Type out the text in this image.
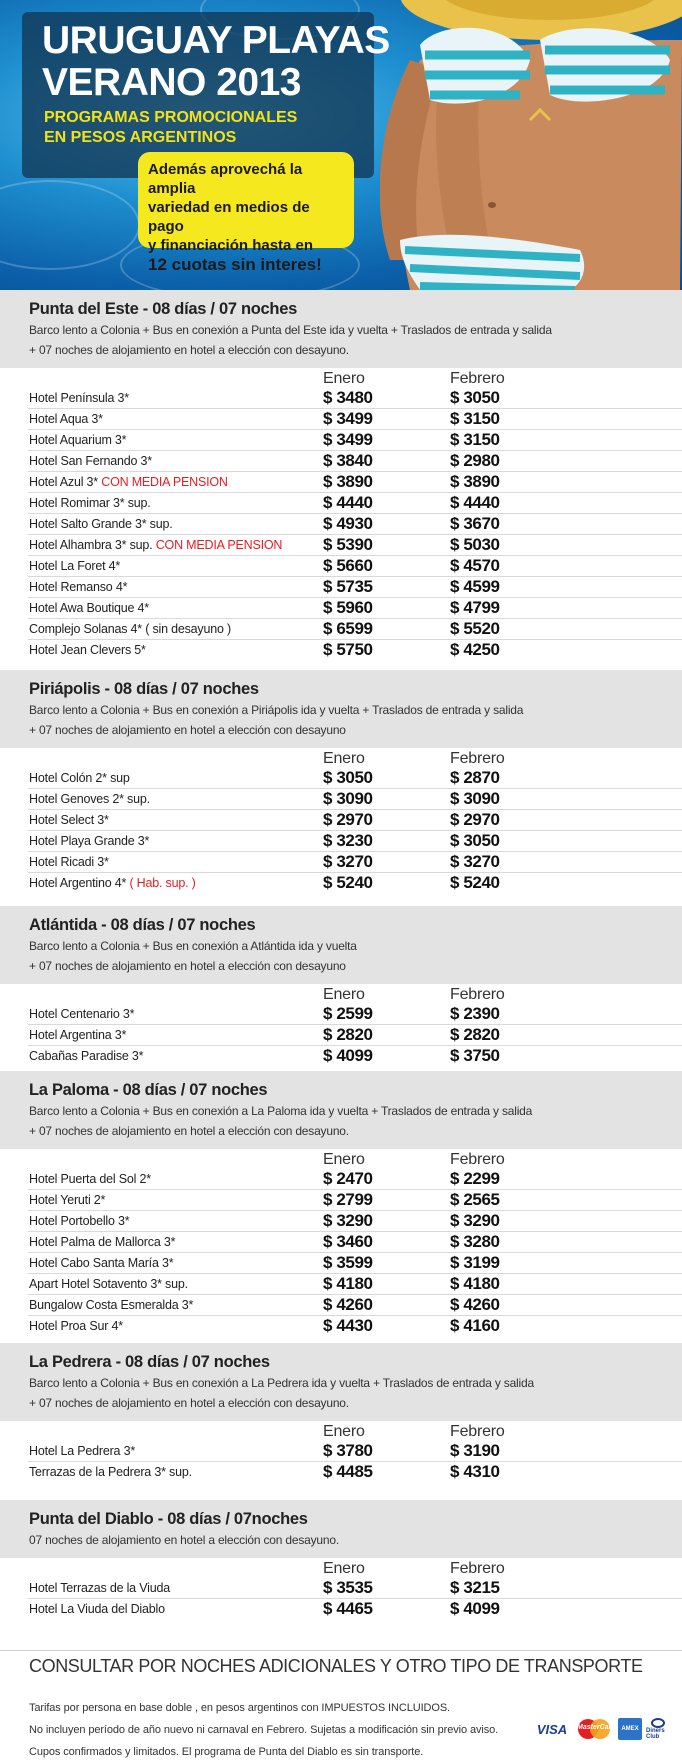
URUGUAY PLAYAS
VERANO 2013
PROGRAMAS PROMOCIONALES
EN PESOS ARGENTINOS
Además aprovechá la amplia
variedad en medios de pago
y financiación hasta en
12 cuotas sin interes!
Punta del Este - 08 días / 07 noches
Barco lento a Colonia + Bus en conexión a Punta del Este ida y vuelta + Traslados de entrada y salida
+ 07 noches de alojamiento en hotel a elección con desayuno.
Enero	Febrero
Hotel Península 3*	$ 3480	$ 3050
Hotel Aqua 3*	$ 3499	$ 3150
Hotel Aquarium 3*	$ 3499	$ 3150
Hotel San Fernando 3*	$ 3840	$ 2980
Hotel Azul 3* CON MEDIA PENSION	$ 3890	$ 3890
Hotel Romimar 3* sup.	$ 4440	$ 4440
Hotel Salto Grande 3* sup.	$ 4930	$ 3670
Hotel Alhambra 3* sup. CON MEDIA PENSION $ 5390	$ 5030
Hotel La Foret 4*	$ 5660	$ 4570
Hotel Remanso 4*	$ 5735	$ 4599
Hotel Awa Boutique 4*	$ 5960	$ 4799
Complejo Solanas 4* ( sin desayuno )	$ 6599	$ 5520
Hotel Jean Clevers 5*	$ 5750	$ 4250
Piriápolis - 08 días / 07 noches
Barco lento a Colonia + Bus en conexión a Piriápolis ida y vuelta + Traslados de entrada y salida
+ 07 noches de alojamiento en hotel a elección con desayuno
Enero	Febrero
Hotel Colón 2* sup	$ 3050	$ 2870
Hotel Genoves 2* sup.	$ 3090	$ 3090
Hotel Select 3*	$ 2970	$ 2970
Hotel Playa Grande 3*	$ 3230	$ 3050
Hotel Ricadi 3*	$ 3270	$ 3270
Hotel Argentino 4* ( Hab. sup. )	$ 5240	$ 5240
Atlántida - 08 días / 07 noches
Barco lento a Colonia + Bus en conexión a Atlántida ida y vuelta
+ 07 noches de alojamiento en hotel a elección con desayuno
Enero	Febrero
Hotel Centenario 3*	$ 2599	$ 2390
Hotel Argentina 3*	$ 2820	$ 2820
Cabañas Paradise 3*	$ 4099	$ 3750
La Paloma - 08 días / 07 noches
Barco lento a Colonia + Bus en conexión a La Paloma ida y vuelta + Traslados de entrada y salida
+ 07 noches de alojamiento en hotel a elección con desayuno.
Enero	Febrero
Hotel Puerta del Sol 2*	$ 2470	$ 2299
Hotel Yeruti 2*	$ 2799	$ 2565
Hotel Portobello 3*	$ 3290	$ 3290
Hotel Palma de Mallorca 3*	$ 3460	$ 3280
Hotel Cabo Santa María 3*	$ 3599	$ 3199
Apart Hotel Sotavento 3* sup.	$ 4180	$ 4180
Bungalow Costa Esmeralda 3*	$ 4260	$ 4260
Hotel Proa Sur 4*	$ 4430	$ 4160
La Pedrera - 08 días / 07 noches
Barco lento a Colonia + Bus en conexión a La Pedrera ida y vuelta + Traslados de entrada y salida
+ 07 noches de alojamiento en hotel a elección con desayuno.
Enero	Febrero
Hotel La Pedrera 3*	$ 3780	$ 3190
Terrazas de la Pedrera 3* sup.	$ 4485	$ 4310
Punta del Diablo - 08 días / 07noches
07 noches de alojamiento en hotel a elección con desayuno.
Enero	Febrero
Hotel Terrazas de la Viuda	$ 3535	$ 3215
Hotel La Viuda del Diablo	$ 4465	$ 4099
CONSULTAR POR NOCHES ADICIONALES Y OTRO TIPO DE TRANSPORTE
Tarifas por persona en base doble , en pesos argentinos con IMPUESTOS INCLUIDOS.
No incluyen período de año nuevo ni carnaval en Febrero. Sujetas a modificación sin previo aviso.
Cupos confirmados y limitados. El programa de Punta del Diablo es sin transporte.
VISA MasterCard AMEX Diners Club
